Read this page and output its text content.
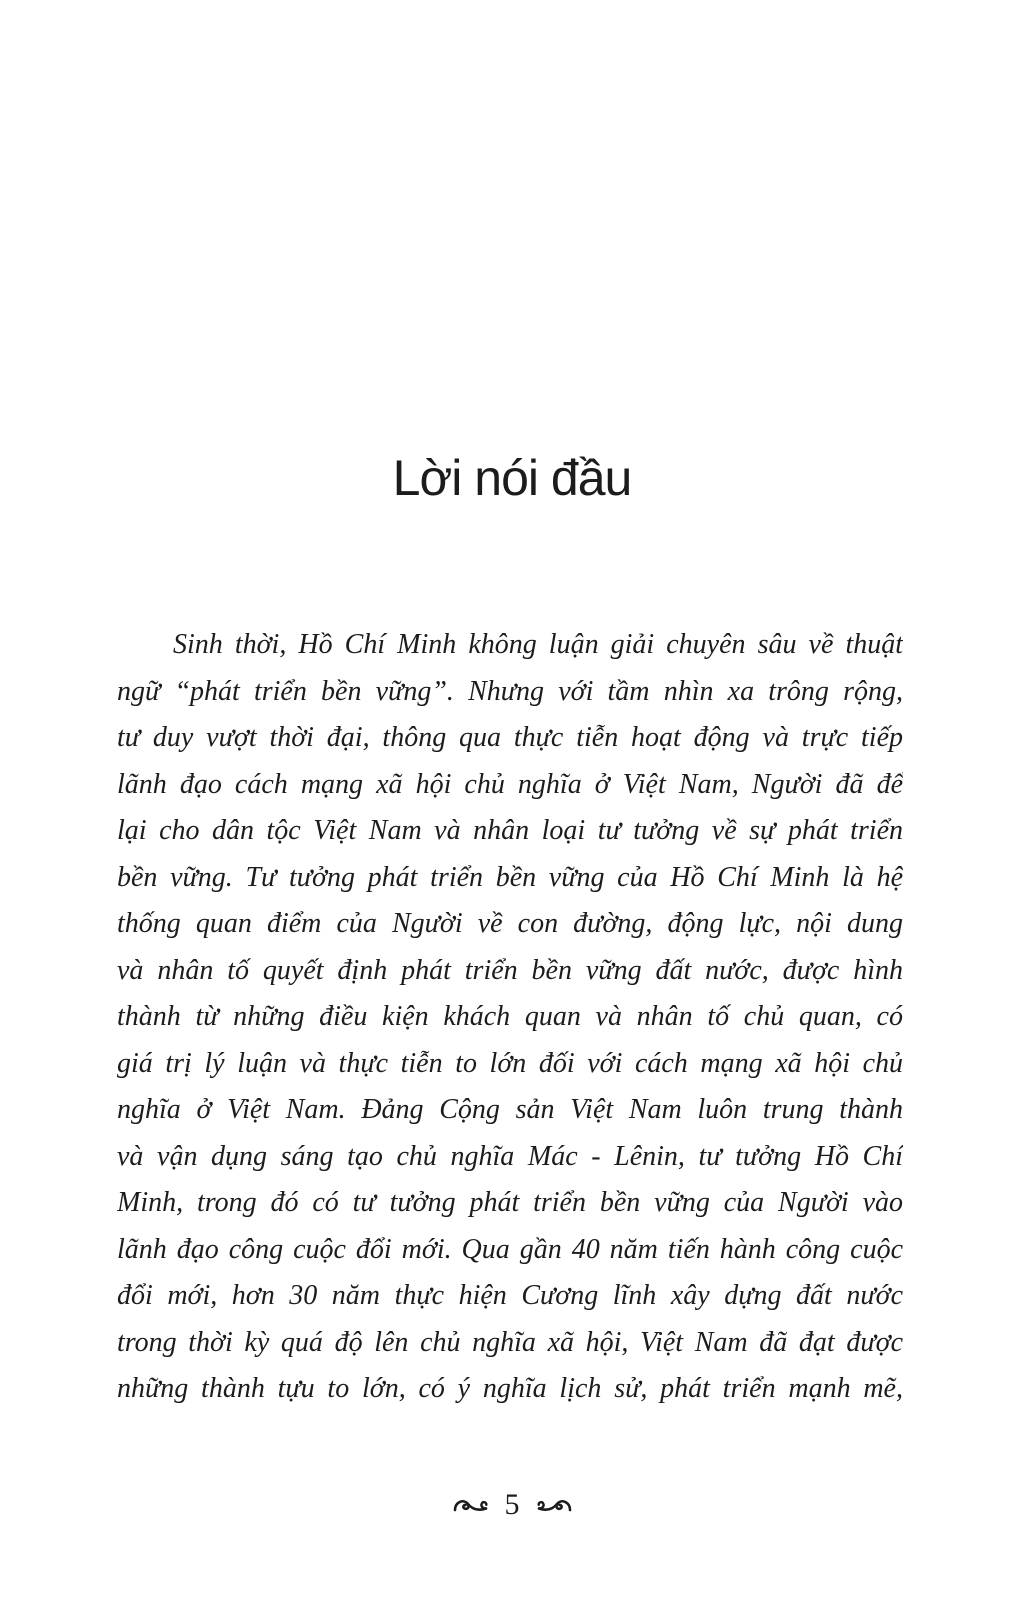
Lời nói đầu
Sinh thời, Hồ Chí Minh không luận giải chuyên sâu về thuật
ngữ “phát triển bền vững”. Nhưng với tầm nhìn xa trông rộng,
tư duy vượt thời đại, thông qua thực tiễn hoạt động và trực tiếp
lãnh đạo cách mạng xã hội chủ nghĩa ở Việt Nam, Người đã để
lại cho dân tộc Việt Nam và nhân loại tư tưởng về sự phát triển
bền vững. Tư tưởng phát triển bền vững của Hồ Chí Minh là hệ
thống quan điểm của Người về con đường, động lực, nội dung
và nhân tố quyết định phát triển bền vững đất nước, được hình
thành từ những điều kiện khách quan và nhân tố chủ quan, có
giá trị lý luận và thực tiễn to lớn đối với cách mạng xã hội chủ
nghĩa ở Việt Nam. Đảng Cộng sản Việt Nam luôn trung thành
và vận dụng sáng tạo chủ nghĩa Mác - Lênin, tư tưởng Hồ Chí
Minh, trong đó có tư tưởng phát triển bền vững của Người vào
lãnh đạo công cuộc đổi mới. Qua gần 40 năm tiến hành công cuộc
đổi mới, hơn 30 năm thực hiện Cương lĩnh xây dựng đất nước
trong thời kỳ quá độ lên chủ nghĩa xã hội, Việt Nam đã đạt được
những thành tựu to lớn, có ý nghĩa lịch sử, phát triển mạnh mẽ,
5
